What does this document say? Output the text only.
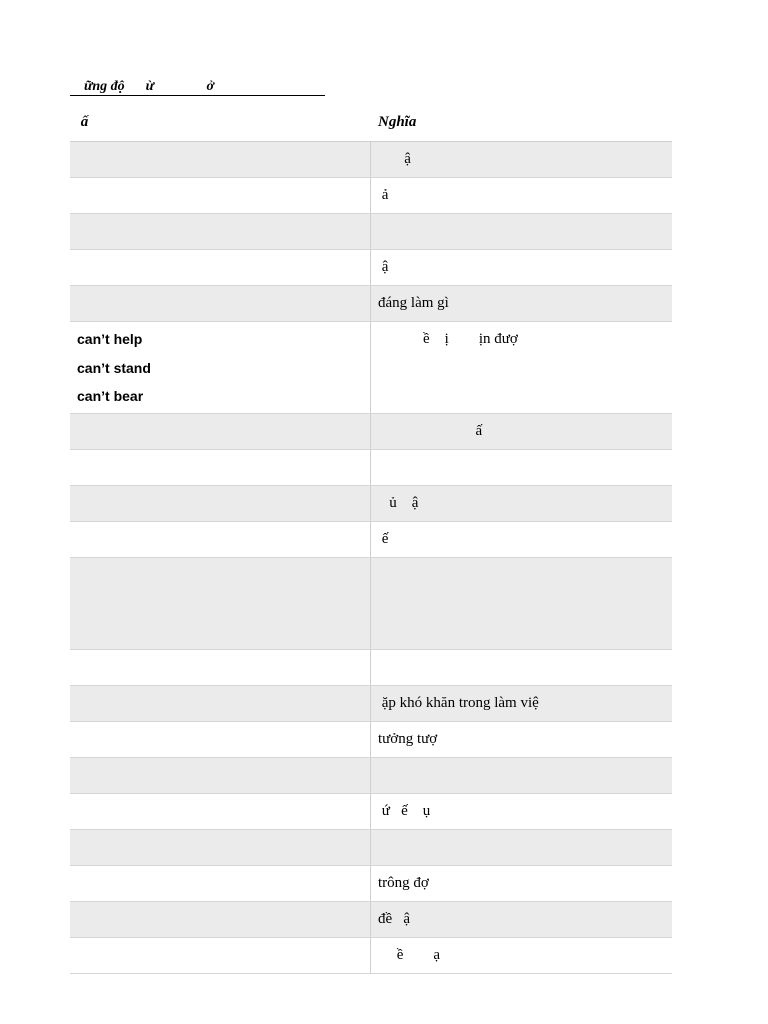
ững độ      ừ               ở
ấ	Nghĩa
ậ
ả
ậ
đáng làm gì
can’t help
can’t stand
can’t bear
ề    ị        ịn đượ
ấ
ủ    ậ
ế
ặp khó khăn trong làm việ
tưởng tượ
ứ   ế    ụ
trông đợ
đề   ậ
ề        ạ
